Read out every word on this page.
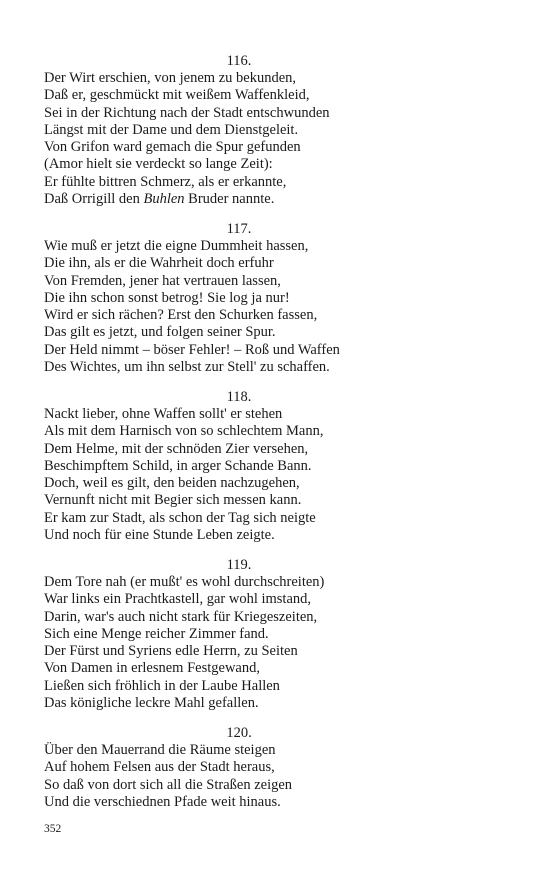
116.
Der Wirt erschien, von jenem zu bekunden,
Daß er, geschmückt mit weißem Waffenkleid,
Sei in der Richtung nach der Stadt entschwunden
Längst mit der Dame und dem Dienstgeleit.
Von Grifon ward gemach die Spur gefunden
(Amor hielt sie verdeckt so lange Zeit):
Er fühlte bittren Schmerz, als er erkannte,
Daß Orrigill den Buhlen Bruder nannte.
117.
Wie muß er jetzt die eigne Dummheit hassen,
Die ihn, als er die Wahrheit doch erfuhr
Von Fremden, jener hat vertrauen lassen,
Die ihn schon sonst betrog! Sie log ja nur!
Wird er sich rächen? Erst den Schurken fassen,
Das gilt es jetzt, und folgen seiner Spur.
Der Held nimmt – böser Fehler! – Roß und Waffen
Des Wichtes, um ihn selbst zur Stell' zu schaffen.
118.
Nackt lieber, ohne Waffen sollt' er stehen
Als mit dem Harnisch von so schlechtem Mann,
Dem Helme, mit der schnöden Zier versehen,
Beschimpftem Schild, in arger Schande Bann.
Doch, weil es gilt, den beiden nachzugehen,
Vernunft nicht mit Begier sich messen kann.
Er kam zur Stadt, als schon der Tag sich neigte
Und noch für eine Stunde Leben zeigte.
119.
Dem Tore nah (er mußt' es wohl durchschreiten)
War links ein Prachtkastell, gar wohl imstand,
Darin, war's auch nicht stark für Kriegeszeiten,
Sich eine Menge reicher Zimmer fand.
Der Fürst und Syriens edle Herrn, zu Seiten
Von Damen in erlesnem Festgewand,
Ließen sich fröhlich in der Laube Hallen
Das königliche leckre Mahl gefallen.
120.
Über den Mauerrand die Räume steigen
Auf hohem Felsen aus der Stadt heraus,
So daß von dort sich all die Straßen zeigen
Und die verschiednen Pfade weit hinaus.
352
